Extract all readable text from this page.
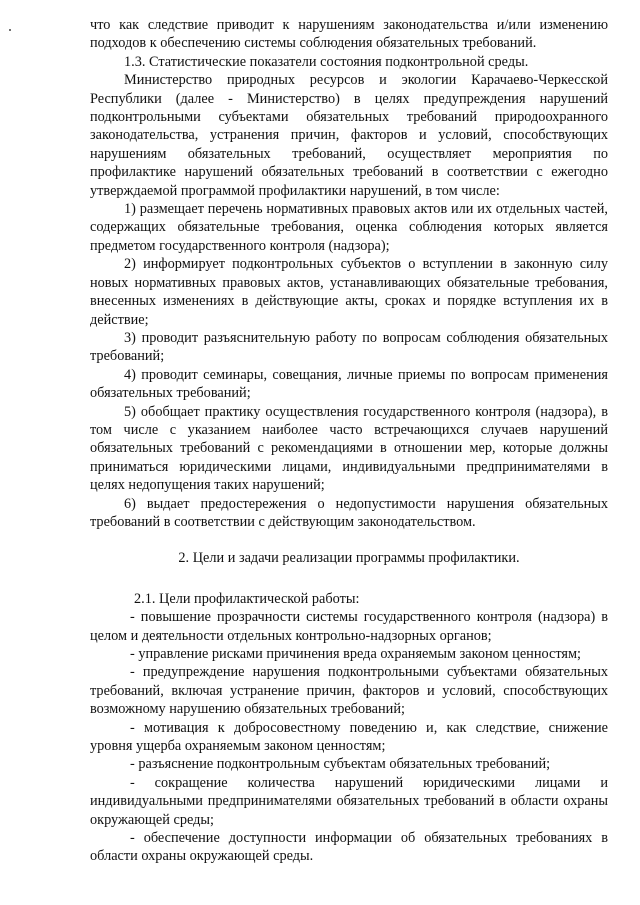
что как следствие приводит к нарушениям законодательства и/или изменению подходов к обеспечению системы соблюдения обязательных требований.

1.3. Статистические показатели состояния подконтрольной среды.

Министерство природных ресурсов и экологии Карачаево-Черкесской Республики (далее - Министерство) в целях предупреждения нарушений подконтрольными субъектами обязательных требований природоохранного законодательства, устранения причин, факторов и условий, способствующих нарушениям обязательных требований, осуществляет мероприятия по профилактике нарушений обязательных требований в соответствии с ежегодно утверждаемой программой профилактики нарушений, в том числе:

1) размещает перечень нормативных правовых актов или их отдельных частей, содержащих обязательные требования, оценка соблюдения которых является предметом государственного контроля (надзора);

2) информирует подконтрольных субъектов о вступлении в законную силу новых нормативных правовых актов, устанавливающих обязательные требования, внесенных изменениях в действующие акты, сроках и порядке вступления их в действие;

3) проводит разъяснительную работу по вопросам соблюдения обязательных требований;

4) проводит семинары, совещания, личные приемы по вопросам применения обязательных требований;

5) обобщает практику осуществления государственного контроля (надзора), в том числе с указанием наиболее часто встречающихся случаев нарушений обязательных требований с рекомендациями в отношении мер, которые должны приниматься юридическими лицами, индивидуальными предпринимателями в целях недопущения таких нарушений;

6) выдает предостережения о недопустимости нарушения обязательных требований в соответствии с действующим законодательством.

2. Цели и задачи реализации программы профилактики.

2.1. Цели профилактической работы:

- повышение прозрачности системы государственного контроля (надзора) в целом и деятельности отдельных контрольно-надзорных органов;

- управление рисками причинения вреда охраняемым законом ценностям;

- предупреждение нарушения подконтрольными субъектами обязательных требований, включая устранение причин, факторов и условий, способствующих возможному нарушению обязательных требований;

- мотивация к добросовестному поведению и, как следствие, снижение уровня ущерба охраняемым законом ценностям;

- разъяснение подконтрольным субъектам обязательных требований;

- сокращение количества нарушений юридическими лицами и индивидуальными предпринимателями обязательных требований в области охраны окружающей среды;

- обеспечение доступности информации об обязательных требованиях в области охраны окружающей среды.
